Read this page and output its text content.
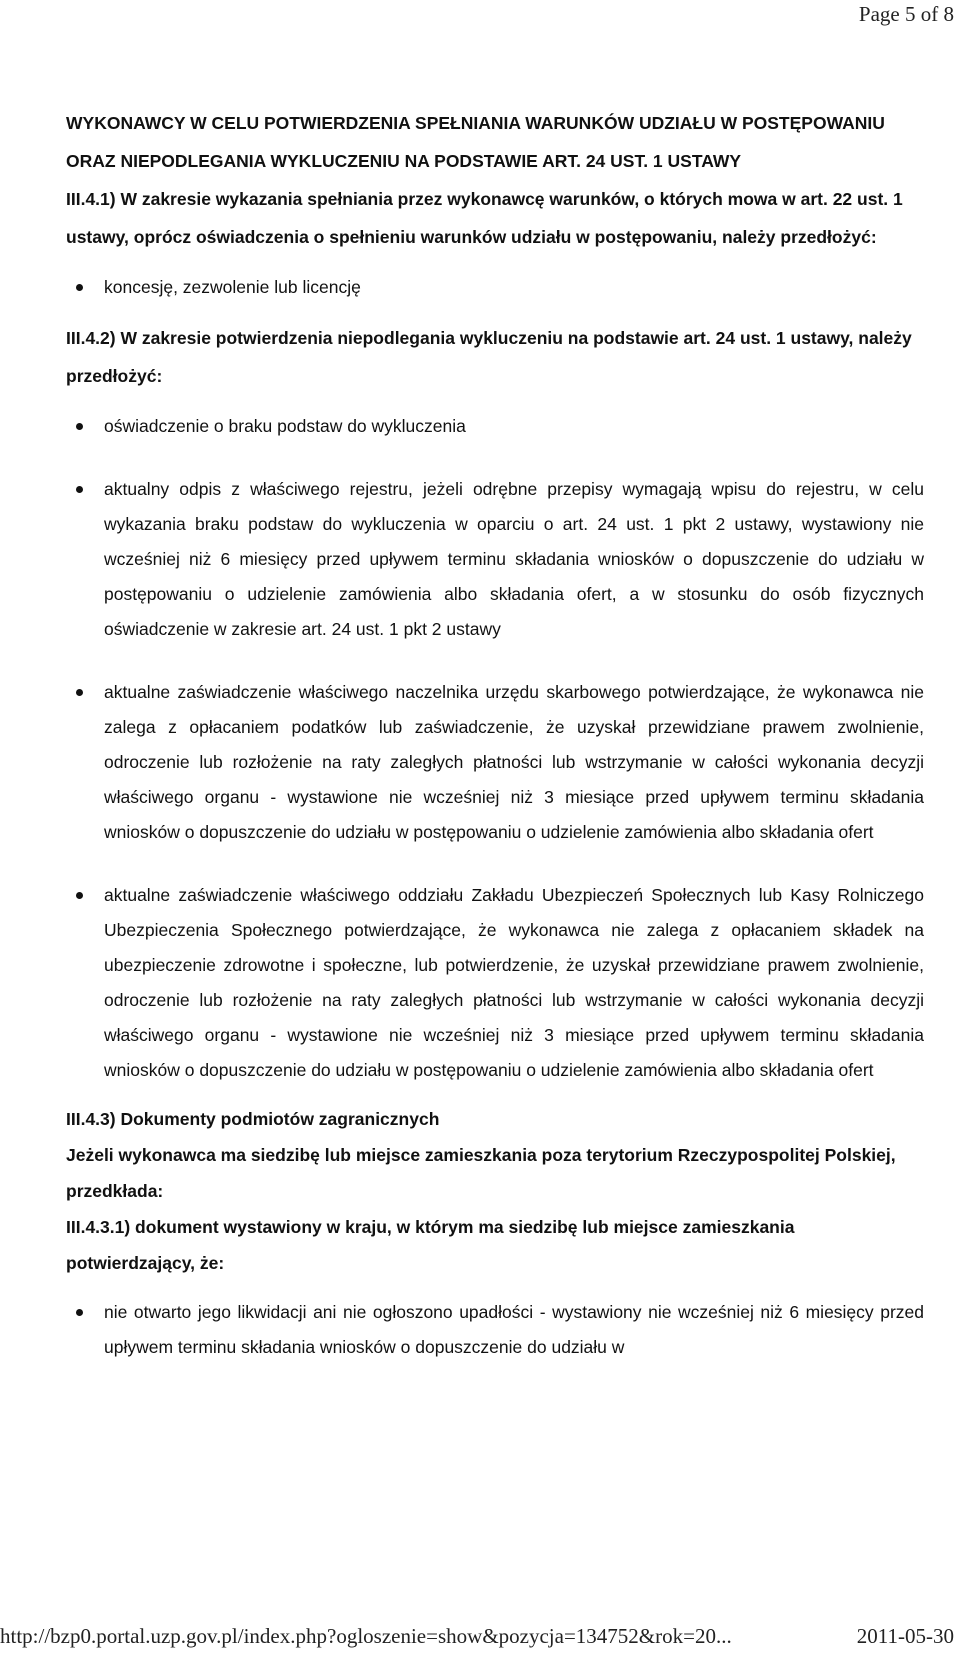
Page 5 of 8

WYKONAWCY W CELU POTWIERDZENIA SPEŁNIANIA WARUNKÓW UDZIAŁU W POSTĘPOWANIU

ORAZ NIEPODLEGANIA WYKLUCZENIU NA PODSTAWIE ART. 24 UST. 1 USTAWY

III.4.1) W zakresie wykazania spełniania przez wykonawcę warunków, o których mowa w art. 22 ust. 1 ustawy, oprócz oświadczenia o spełnieniu warunków udziału w postępowaniu, należy przedłożyć:

koncesję, zezwolenie lub licencję

III.4.2) W zakresie potwierdzenia niepodlegania wykluczeniu na podstawie art. 24 ust. 1 ustawy, należy przedłożyć:

oświadczenie o braku podstaw do wykluczenia
aktualny odpis z właściwego rejestru, jeżeli odrębne przepisy wymagają wpisu do rejestru, w celu wykazania braku podstaw do wykluczenia w oparciu o art. 24 ust. 1 pkt 2 ustawy, wystawiony nie wcześniej niż 6 miesięcy przed upływem terminu składania wniosków o dopuszczenie do udziału w postępowaniu o udzielenie zamówienia albo składania ofert, a w stosunku do osób fizycznych oświadczenie w zakresie art. 24 ust. 1 pkt 2 ustawy
aktualne zaświadczenie właściwego naczelnika urzędu skarbowego potwierdzające, że wykonawca nie zalega z opłacaniem podatków lub zaświadczenie, że uzyskał przewidziane prawem zwolnienie, odroczenie lub rozłożenie na raty zaległych płatności lub wstrzymanie w całości wykonania decyzji właściwego organu - wystawione nie wcześniej niż 3 miesiące przed upływem terminu składania wniosków o dopuszczenie do udziału w postępowaniu o udzielenie zamówienia albo składania ofert
aktualne zaświadczenie właściwego oddziału Zakładu Ubezpieczeń Społecznych lub Kasy Rolniczego Ubezpieczenia Społecznego potwierdzające, że wykonawca nie zalega z opłacaniem składek na ubezpieczenie zdrowotne i społeczne, lub potwierdzenie, że uzyskał przewidziane prawem zwolnienie, odroczenie lub rozłożenie na raty zaległych płatności lub wstrzymanie w całości wykonania decyzji właściwego organu - wystawione nie wcześniej niż 3 miesiące przed upływem terminu składania wniosków o dopuszczenie do udziału w postępowaniu o udzielenie zamówienia albo składania ofert

III.4.3) Dokumenty podmiotów zagranicznych

Jeżeli wykonawca ma siedzibę lub miejsce zamieszkania poza terytorium Rzeczypospolitej Polskiej, przedkłada:

III.4.3.1) dokument wystawiony w kraju, w którym ma siedzibę lub miejsce zamieszkania potwierdzający, że:

nie otwarto jego likwidacji ani nie ogłoszono upadłości - wystawiony nie wcześniej niż 6 miesięcy przed upływem terminu składania wniosków o dopuszczenie do udziału w
http://bzp0.portal.uzp.gov.pl/index.php?ogloszenie=show&pozycja=134752&rok=20...	2011-05-30
